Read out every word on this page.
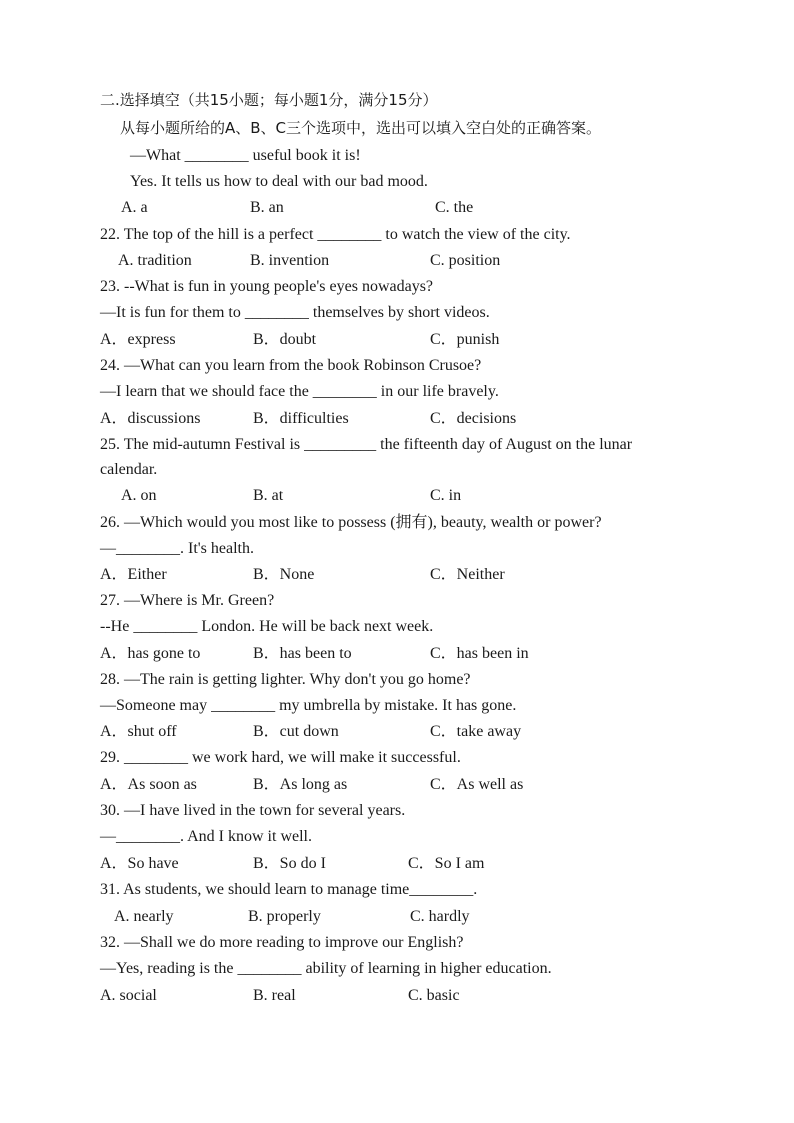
二.选择填空（共15小题；每小题1分，满分15分）
从每小题所给的A、B、C三个选项中，选出可以填入空白处的正确答案。
—What ________ useful book it is!
Yes. It tells us how to deal with our bad mood.
A. a	B. an	C. the
22. The top of the hill is a perfect ________ to watch the view of the city.
A. tradition	B. invention	C. position
23. --What is fun in young people's eyes nowadays?
—It is fun for them to ________ themselves by short videos.
A．express	B．doubt	C．punish
24. —What can you learn from the book Robinson Crusoe?
—I learn that we should face the ________ in our life bravely.
A．discussions	B．difficulties	C．decisions
25. The mid-autumn Festival is _________ the fifteenth day of August on the lunar
calendar.
A. on	B. at	C. in
26. —Which would you most like to possess (拥有), beauty, wealth or power?
—________. It's health.
A．Either	B．None	C．Neither
27. —Where is Mr. Green?
--He ________ London. He will be back next week.
A．has gone to	B．has been to	C．has been in
28. —The rain is getting lighter. Why don't you go home?
—Someone may ________ my umbrella by mistake. It has gone.
A．shut off	B．cut down	C．take away
29. ________ we work hard, we will make it successful.
A．As soon as	B．As long as	C．As well as
30. —I have lived in the town for several years.
—________. And I know it well.
A．So have	B．So do I	C．So I am
31. As students, we should learn to manage time________.
A. nearly	B. properly	C. hardly
32. —Shall we do more reading to improve our English?
—Yes, reading is the ________ ability of learning in higher education.
A. social	B. real	C. basic
